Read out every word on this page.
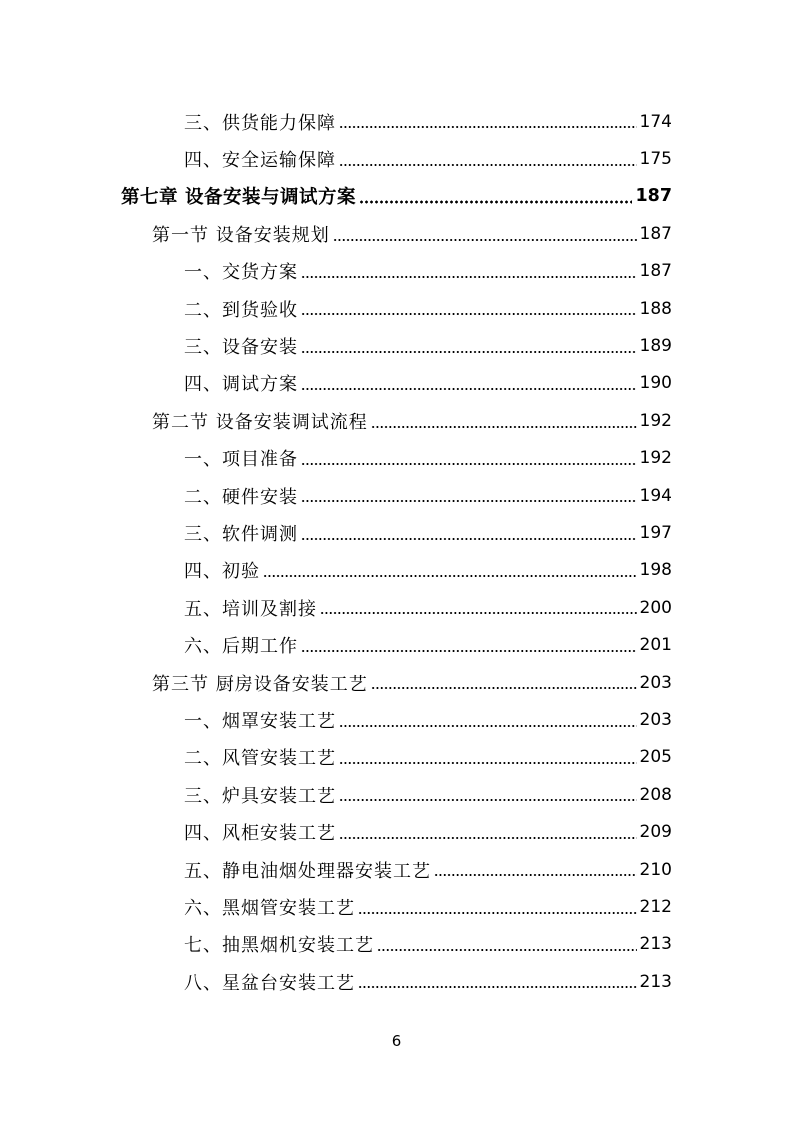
三、供货能力保障	174
四、安全运输保障	175
第七章 设备安装与调试方案	187
第一节 设备安装规划	187
一、交货方案	187
二、到货验收	188
三、设备安装	189
四、调试方案	190
第二节 设备安装调试流程	192
一、项目准备	192
二、硬件安装	194
三、软件调测	197
四、初验	198
五、培训及割接	200
六、后期工作	201
第三节 厨房设备安装工艺	203
一、烟罩安装工艺	203
二、风管安装工艺	205
三、炉具安装工艺	208
四、风柜安装工艺	209
五、静电油烟处理器安装工艺	210
六、黑烟管安装工艺	212
七、抽黑烟机安装工艺	213
八、星盆台安装工艺	213
6
